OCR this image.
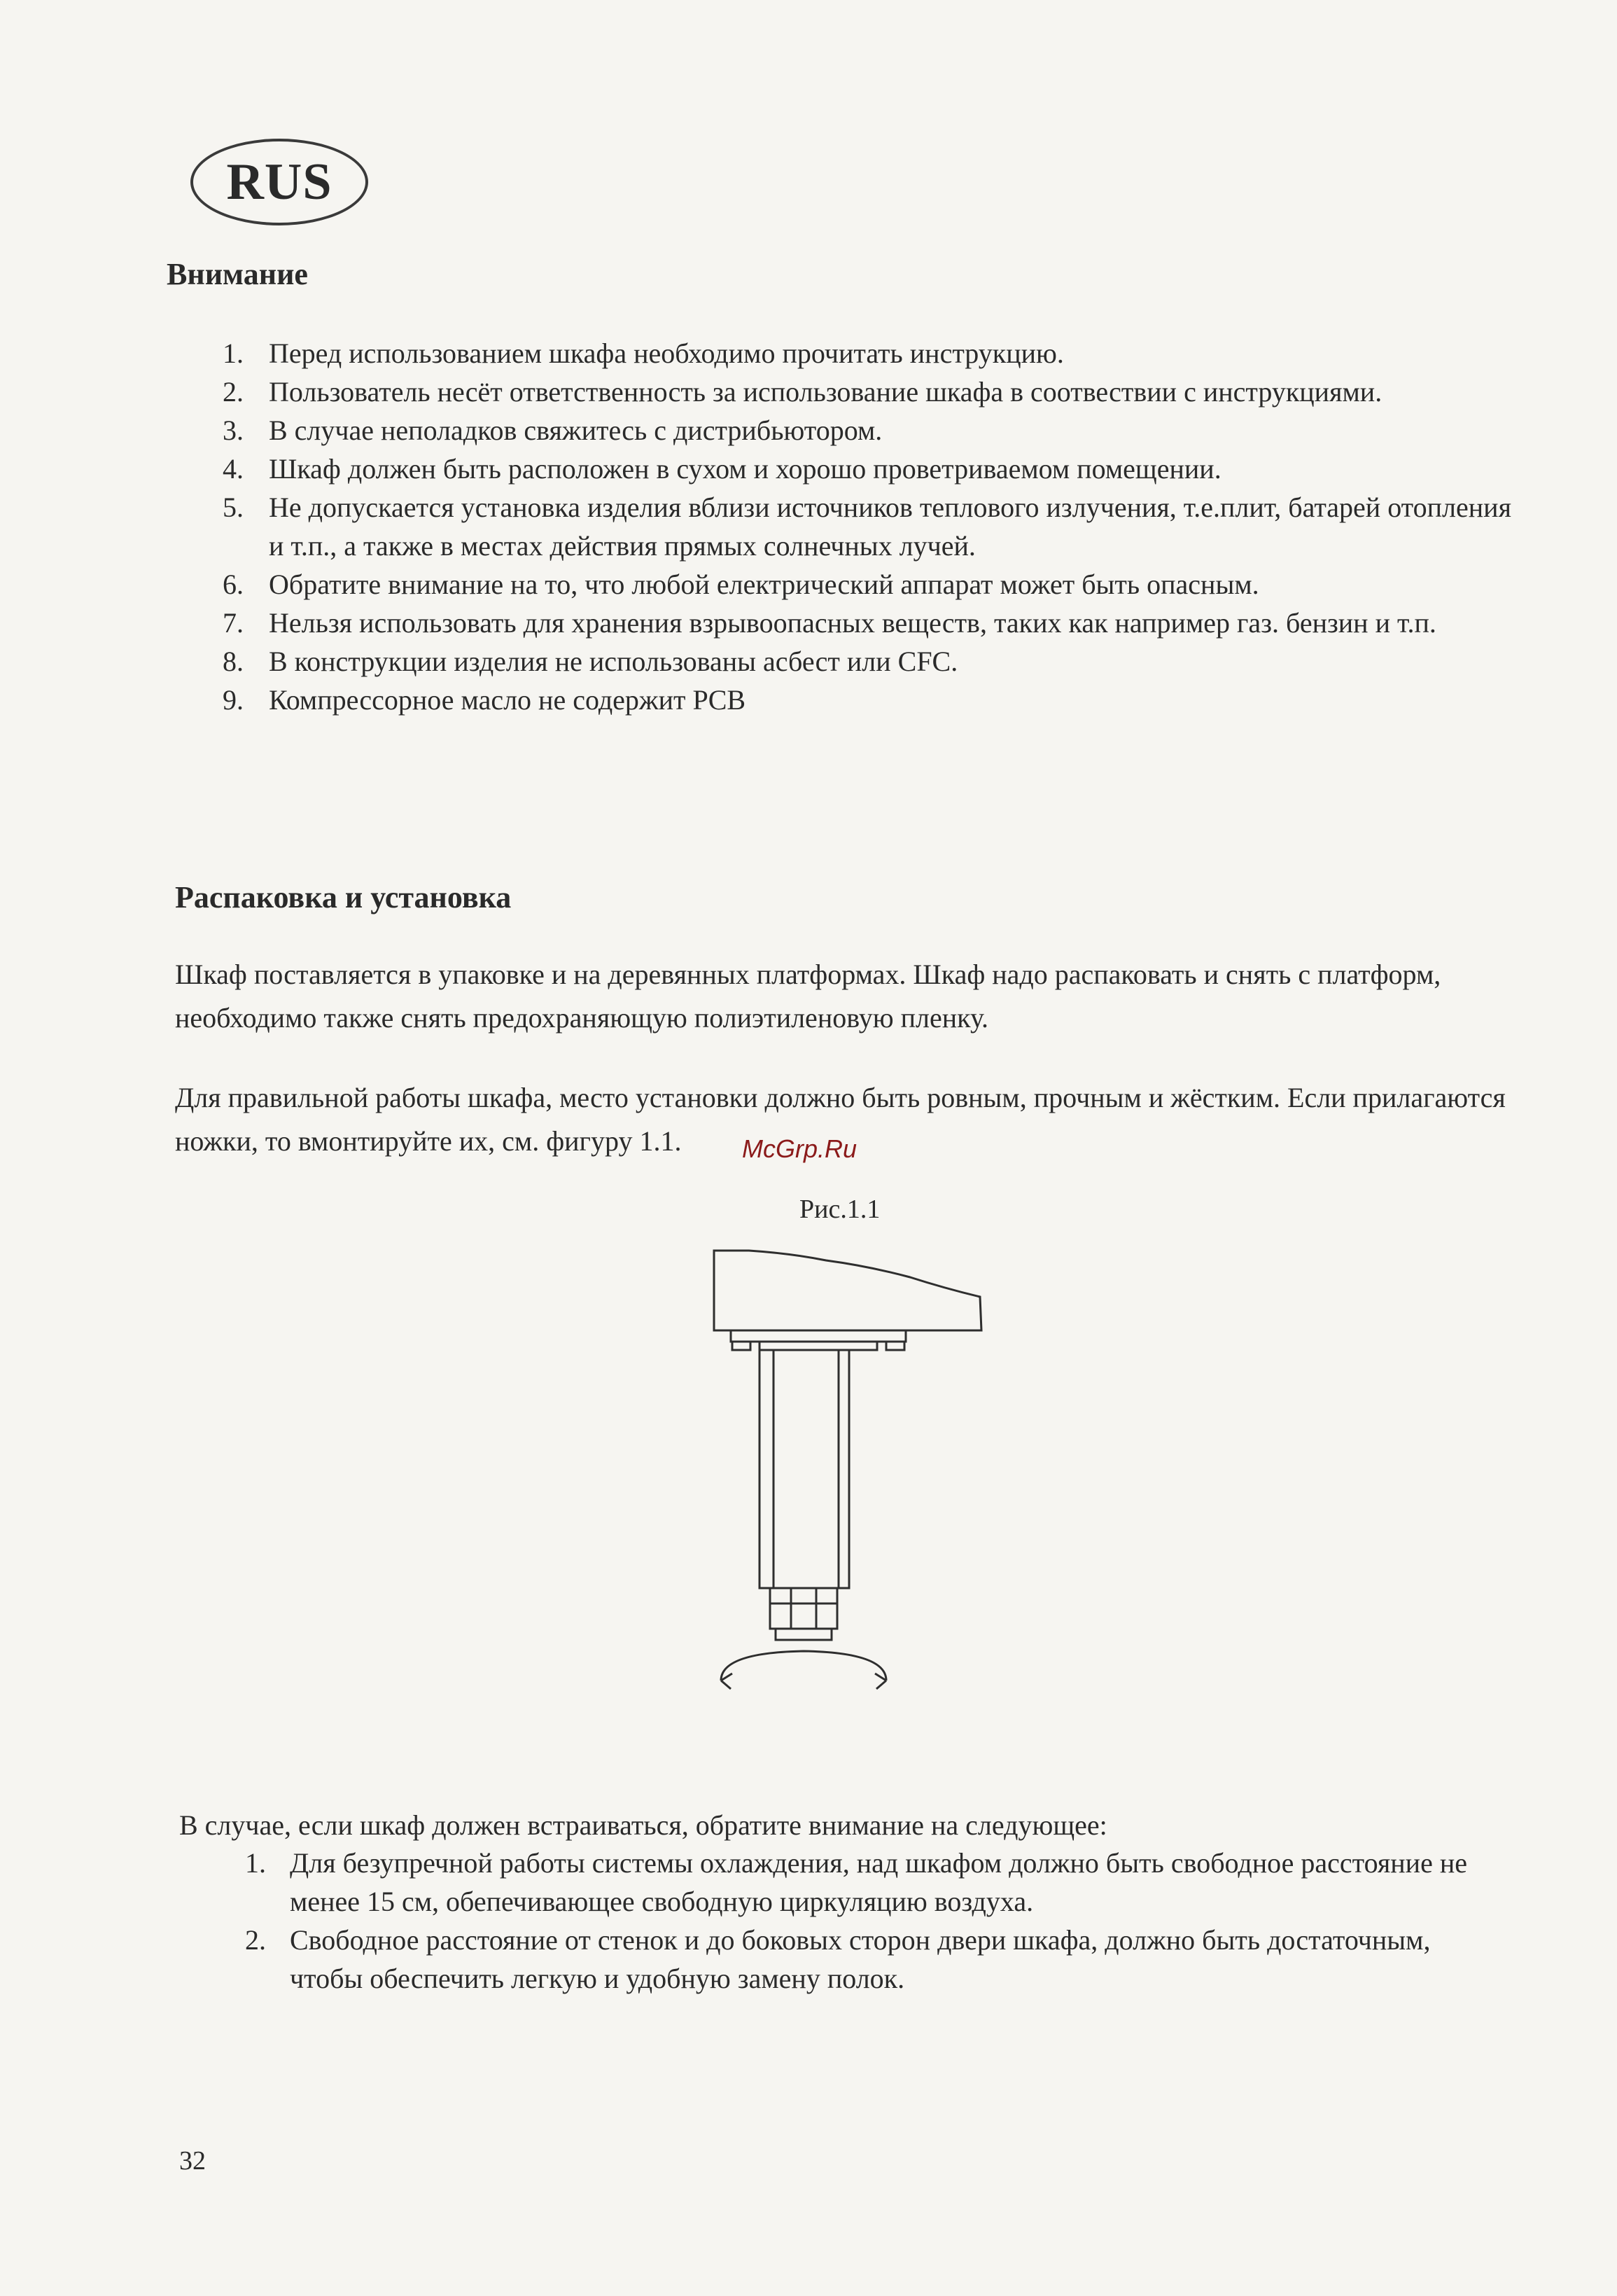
RUS
Внимание
1. Перед использованием шкафа необходимо прочитать инструкцию.
2. Пользователь несёт ответственность за использование шкафа в соотвествии с инструкциями.
3. В случае неполадков свяжитесь с дистрибьютором.
4. Шкаф должен быть расположен в сухом и хорошо проветриваемом помещении.
5. Не допускается установка изделия вблизи источников теплового излучения, т.е.плит, батарей отопления и т.п., а также в местах действия прямых солнечных лучей.
6. Обратите внимание на то, что любой електрический аппарат может быть опасным.
7. Нельзя использовать для хранения взрывоопасных веществ, таких как например газ. бензин и т.п.
8. В конструкции изделия не использованы асбест или CFC.
9. Компрессорное масло не содержит PCB
Распаковка и установка
Шкаф поставляется в упаковке и на деревянных платформах. Шкаф надо распаковать и снять с платформ, необходимо также снять предохраняющую полиэтиленовую пленку.
Для правильной работы шкафа, место установки должно быть ровным, прочным и жёстким. Если прилагаются ножки, то вмонтируйте их, см. фигуру 1.1.	McGrp.Ru
Рис.1.1
В случае, если шкаф должен встраиваться, обратите внимание на следующее:
1. Для безупречной работы системы охлаждения, над шкафом должно быть свободное расстояние не менее 15 см, обепечивающее свободную циркуляцию воздуха.
2. Свободное расстояние от стенок и до боковых сторон двери шкафа, должно быть достаточным, чтобы обеспечить легкую и удобную замену полок.
32
